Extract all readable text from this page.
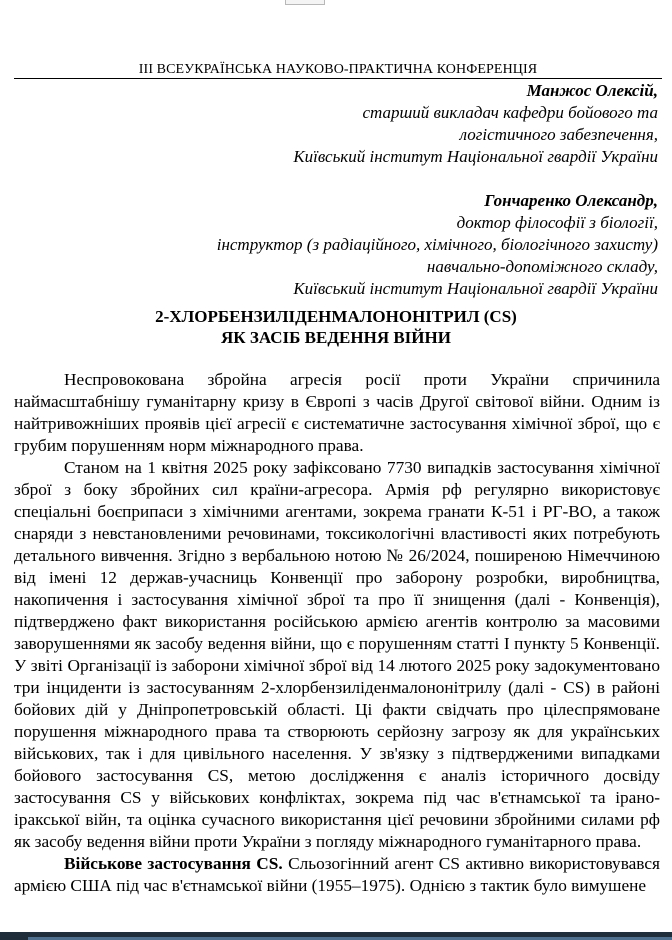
ІІІ ВСЕУКРАЇНСЬКА НАУКОВО-ПРАКТИЧНА КОНФЕРЕНЦІЯ
Манжос Олексій,
старший викладач кафедри бойового та
логістичного забезпечення,
Київський інститут Національної гвардії України
Гончаренко Олександр,
доктор філософії з біології,
інструктор (з радіаційного, хімічного, біологічного захисту)
навчально-допоміжного складу,
Київський інститут Національної гвардії України
2-ХЛОРБЕНЗИЛІДЕНМАЛОНОНІТРИЛ (CS)
ЯК ЗАСІБ ВЕДЕННЯ ВІЙНИ

Неспровокована збройна агресія росії проти України спричинила наймасштабнішу гуманітарну кризу в Європі з часів Другої світової війни. Одним із найтривожніших проявів цієї агресії є систематичне застосування хімічної зброї, що є грубим порушенням норм міжнародного права.

Станом на 1 квітня 2025 року зафіксовано 7730 випадків застосування хімічної зброї з боку збройних сил країни-агресора. Армія рф регулярно використовує спеціальні боєприпаси з хімічними агентами, зокрема гранати К-51 і РГ-ВО, а також снаряди з невстановленими речовинами, токсикологічні властивості яких потребують детального вивчення. Згідно з вербальною нотою № 26/2024, поширеною Німеччиною від імені 12 держав-учасниць Конвенції про заборону розробки, виробництва, накопичення і застосування хімічної зброї та про її знищення (далі - Конвенція), підтверджено факт використання російською армією агентів контролю за масовими заворушеннями як засобу ведення війни, що є порушенням статті І пункту 5 Конвенції. У звіті Організації із заборони хімічної зброї від 14 лютого 2025 року задокументовано три інциденти із застосуванням 2-хлорбензиліденмалононітрилу (далі - CS) в районі бойових дій у Дніпропетровській області. Ці факти свідчать про цілеспрямоване порушення міжнародного права та створюють серйозну загрозу як для українських військових, так і для цивільного населення. У зв'язку з підтвердженими випадками бойового застосування CS, метою дослідження є аналіз історичного досвіду застосування CS у військових конфліктах, зокрема під час в'єтнамської та ірано-іракської війн, та оцінка сучасного використання цієї речовини збройними силами рф як засобу ведення війни проти України з погляду міжнародного гуманітарного права.

Військове застосування CS. Сльозогінний агент CS активно використовувався армією США під час в'єтнамської війни (1955–1975). Однією з тактик було вимушене
